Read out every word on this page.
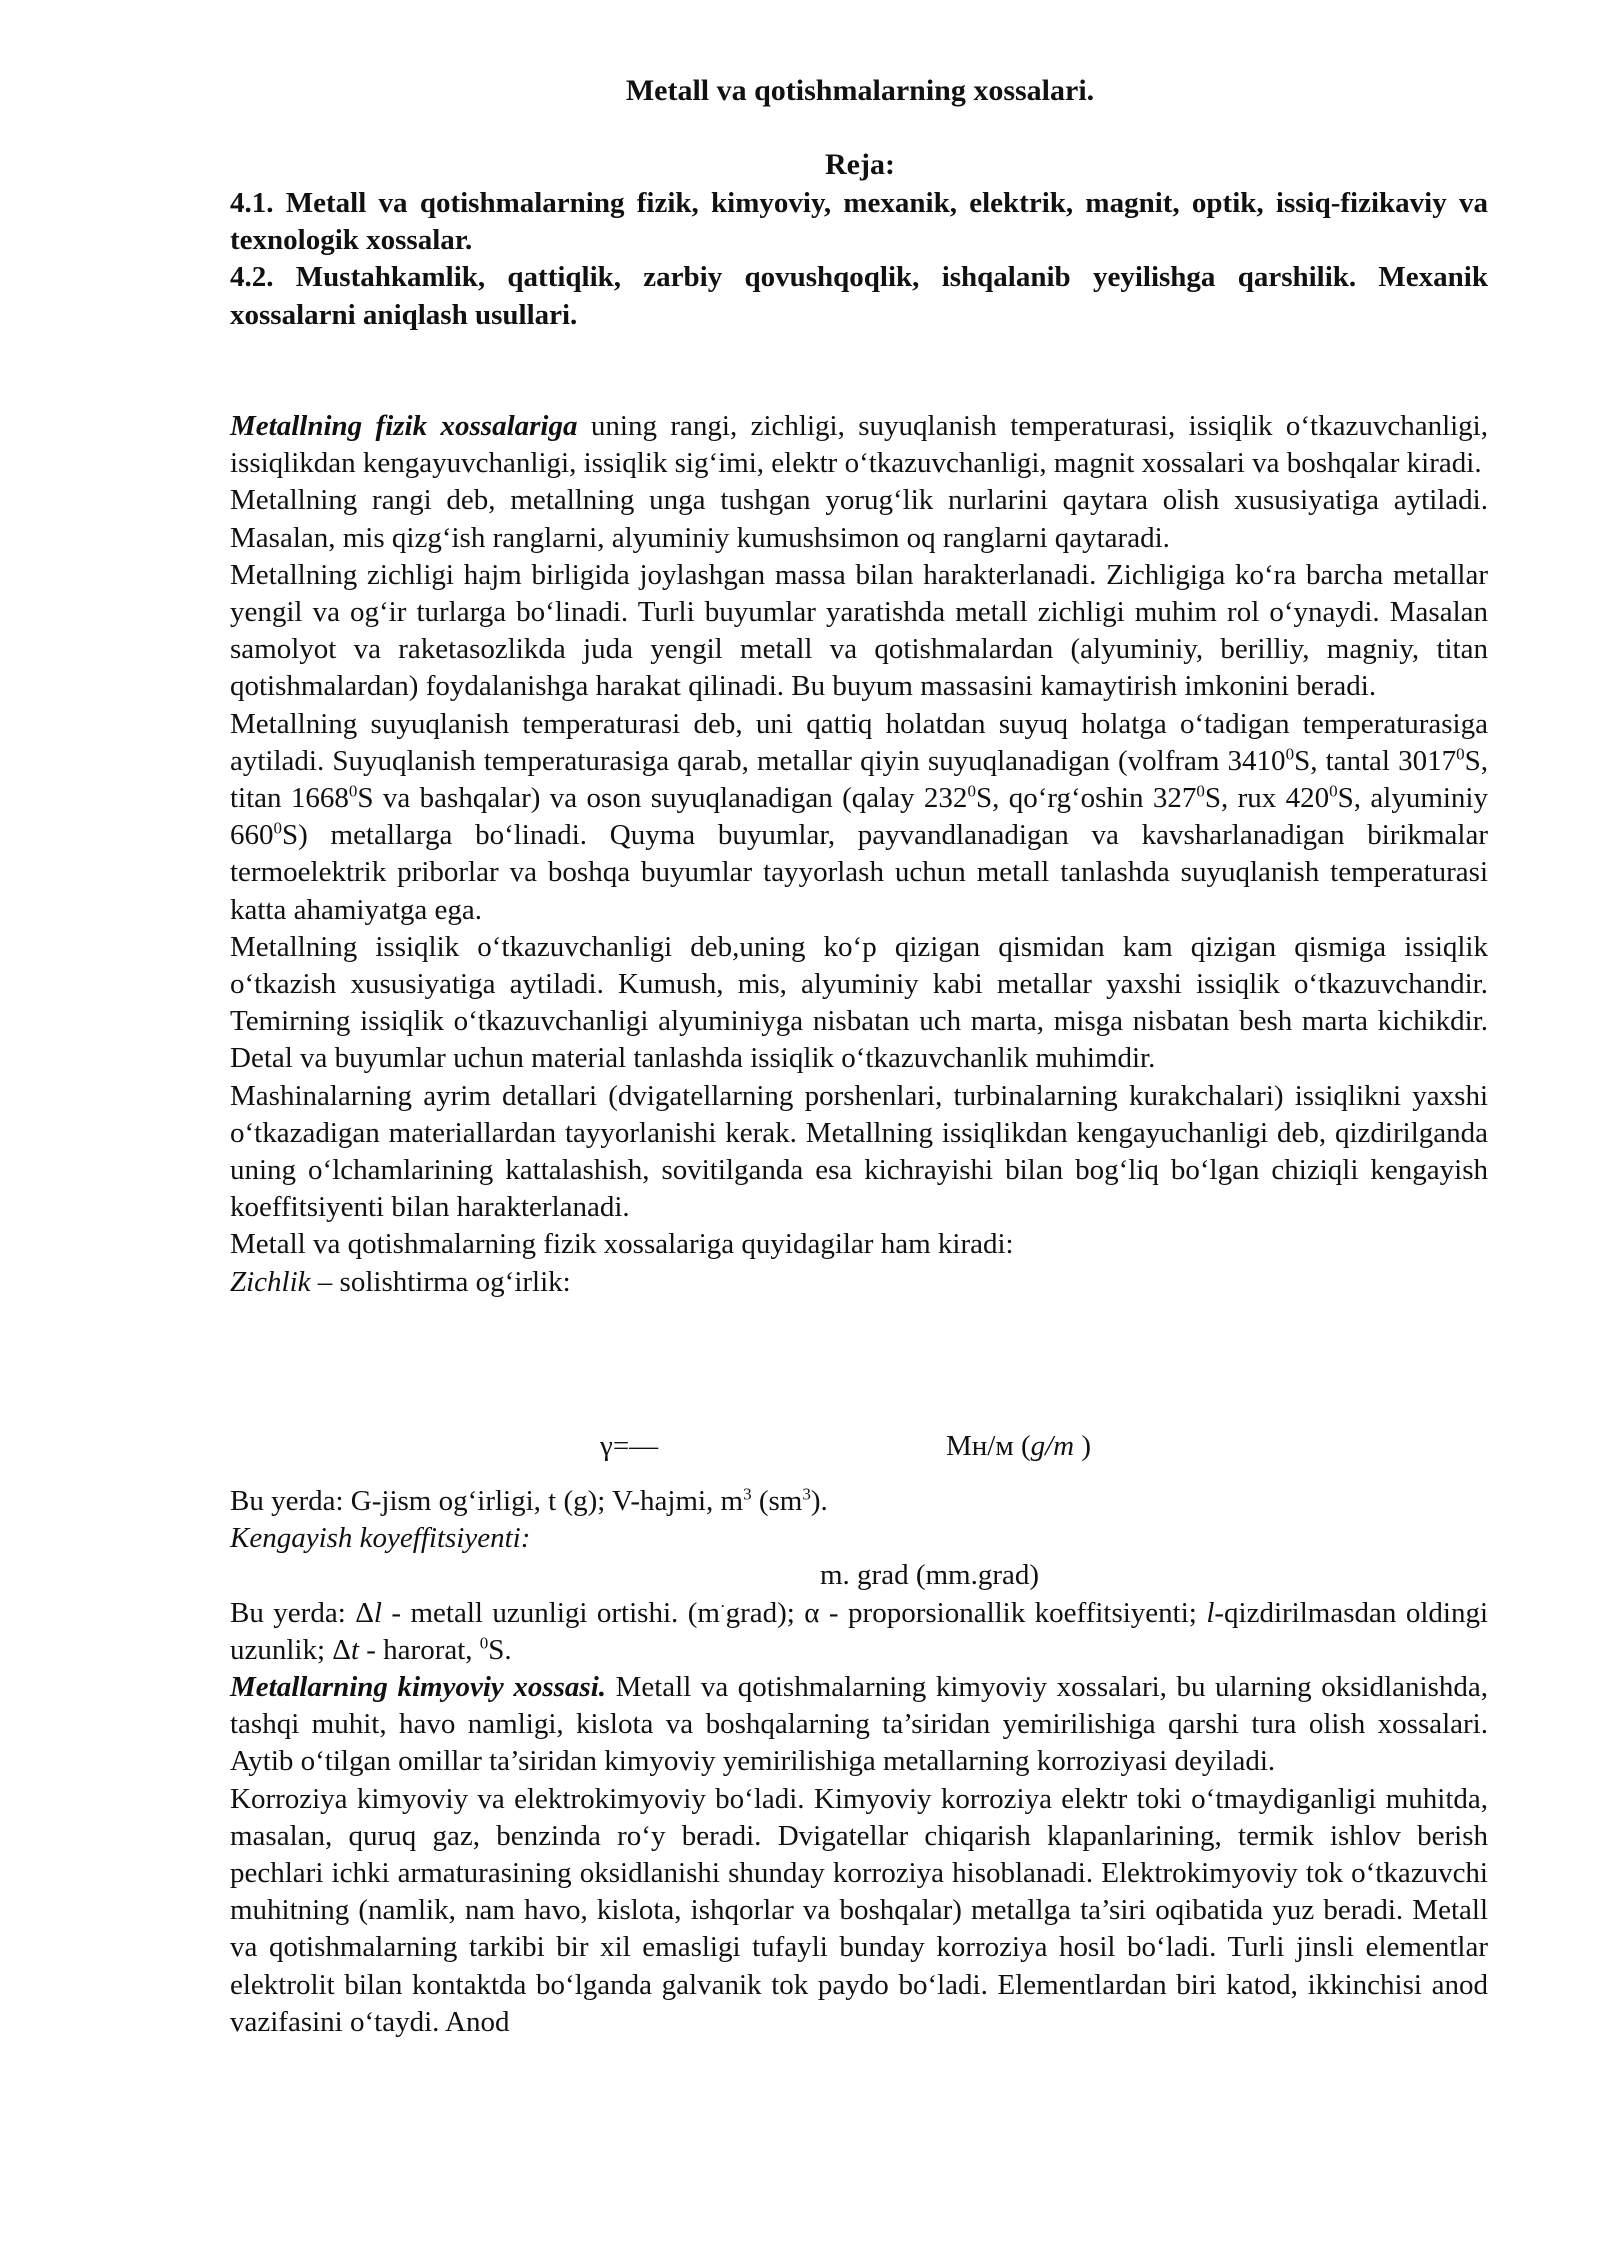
Metall va qotishmalarning xossalari.
Reja:

4.1. Metall va qotishmalarning fizik, kimyoviy, mexanik, elektrik, magnit, optik, issiq-fizikaviy va texnologik xossalar.

4.2. Mustahkamlik, qattiqlik, zarbiy qovushqoqlik, ishqalanib yeyilishga qarshilik. Mexanik xossalarni aniqlash usullari.

Metallning fizik xossalariga uning rangi, zichligi, suyuqlanish temperaturasi, issiqlik o‘tkazuvchanligi, issiqlikdan kengayuvchanligi, issiqlik sig‘imi, elektr o‘tkazuvchanligi, magnit xossalari va boshqalar kiradi.

Metallning rangi deb, metallning unga tushgan yorug‘lik nurlarini qaytara olish xususiyatiga aytiladi. Masalan, mis qizg‘ish ranglarni, alyuminiy kumushsimon oq ranglarni qaytaradi.

Metallning zichligi hajm birligida joylashgan massa bilan harakterlanadi. Zichligiga ko‘ra barcha metallar yengil va og‘ir turlarga bo‘linadi. Turli buyumlar yaratishda metall zichligi muhim rol o‘ynaydi. Masalan samolyot va raketasozlikda juda yengil metall va qotishmalardan (alyuminiy, berilliy, magniy, titan qotishmalardan) foydalanishga harakat qilinadi. Bu buyum massasini kamaytirish imkonini beradi.

Metallning suyuqlanish temperaturasi deb, uni qattiq holatdan suyuq holatga o‘tadigan temperaturasiga aytiladi. Suyuqlanish temperaturasiga qarab, metallar qiyin suyuqlanadigan (volfram 3410$^0$S, tantal 3017$^0$S, titan 1668$^0$S va bashqalar) va oson suyuqlanadigan (qalay $232^0S$, qo‘rg‘oshin $327^0S$, rux $420^0S$, alyuminiy $660^0S$) metallarga bo‘linadi. Quyma buyumlar, payvandlanadigan va kavsharlanadigan birikmalar termoelektrik priborlar va boshqa buyumlar tayyorlash uchun metall tanlashda suyuqlanish temperaturasi katta ahamiyatga ega.

Metallning issiqlik o‘tkazuvchanligi deb,uning ko‘p qizigan qismidan kam qizigan qismiga issiqlik o‘tkazish xususiyatiga aytiladi. Kumush, mis, alyuminiy kabi metallar yaxshi issiqlik o‘tkazuvchandir. Temirning issiqlik o‘tkazuvchanligi alyuminiyga nisbatan uch marta, misga nisbatan besh marta kichikdir. Detal va buyumlar uchun material tanlashda issiqlik o‘tkazuvchanlik muhimdir.

Mashinalarning ayrim detallari (dvigatellarning porshenlari, turbinalarning kurakchalari) issiqlikni yaxshi o‘tkazadigan materiallardan tayyorlanishi kerak. Metallning issiqlikdan kengayuchanligi deb, qizdirilganda uning o‘lchamlarining kattalashish, sovitilganda esa kichrayishi bilan bog‘liq bo‘lgan chiziqli kengayish koeffitsiyenti bilan harakterlanadi.

Metall va qotishmalarning fizik xossalariga quyidagilar ham kiradi:

Zichlik – solishtirma og‘irlik:

γ=—	Мн/м (g/m )

Bu yerda: G-jism og‘irligi, t (g); V-hajmi, $m^3$ $(sm^3)$.

Kengayish koyeffitsiyenti:

m. grad (mm.grad)

Bu yerda: Δl - metall uzunligi ortishi. (m·grad); α - proporsionallik koeffitsiyenti; l-qizdirilmasdan oldingi uzunlik; Δt - harorat, $^0$S.

Metallarning kimyoviy xossasi. Metall va qotishmalarning kimyoviy xossalari, bu ularning oksidlanishda, tashqi muhit, havo namligi, kislota va boshqalarning ta’siridan yemirilishiga qarshi tura olish xossalari. Aytib o‘tilgan omillar ta’siridan kimyoviy yemirilishiga metallarning korroziyasi deyiladi.

Korroziya kimyoviy va elektrokimyoviy bo‘ladi. Kimyoviy korroziya elektr toki o‘tmaydiganligi muhitda, masalan, quruq gaz, benzinda ro‘y beradi. Dvigatellar chiqarish klapanlarining, termik ishlov berish pechlari ichki armaturasining oksidlanishi shunday korroziya hisoblanadi. Elektrokimyoviy tok o‘tkazuvchi muhitning (namlik, nam havo, kislota, ishqorlar va boshqalar) metallga ta’siri oqibatida yuz beradi. Metall va qotishmalarning tarkibi bir xil emasligi tufayli bunday korroziya hosil bo‘ladi. Turli jinsli elementlar elektrolit bilan kontaktda bo‘lganda galvanik tok paydo bo‘ladi. Elementlardan biri katod, ikkinchisi anod vazifasini o‘taydi. Anod
